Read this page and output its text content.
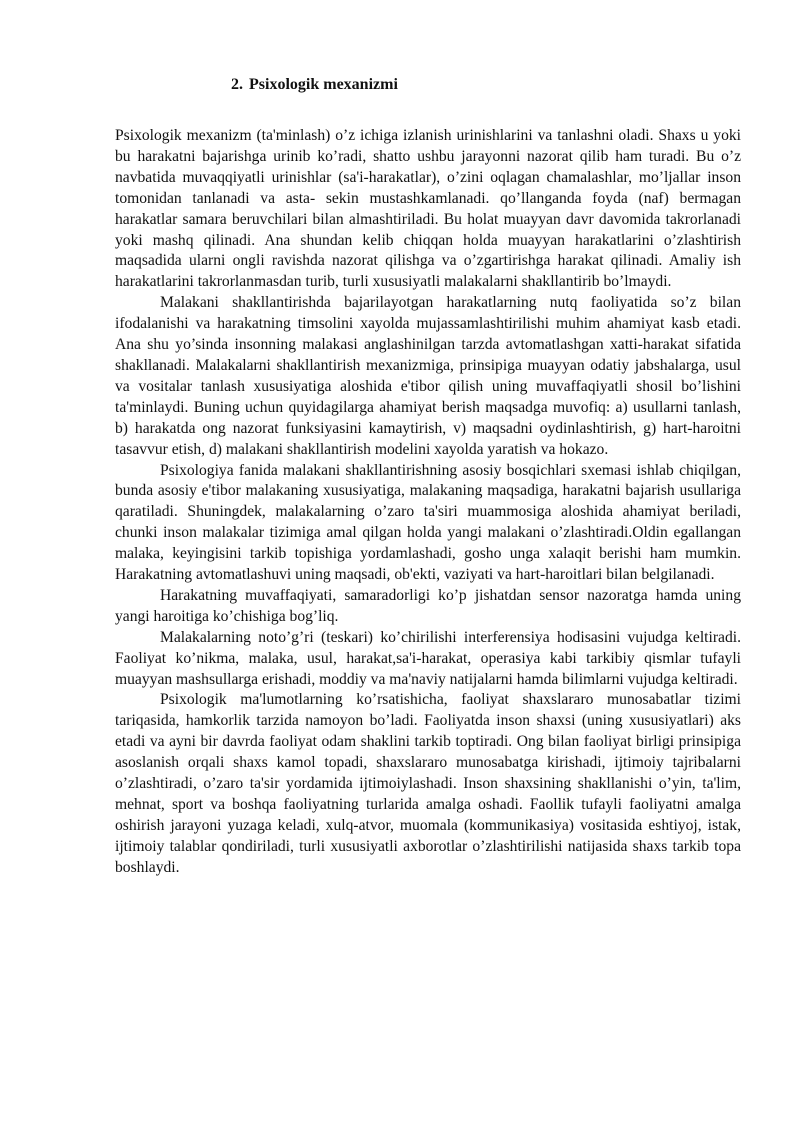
2. Psixologik mexanizmi

Psixologik mexanizm (ta'minlash) o’z ichiga izlanish urinishlarini va tanlashni oladi. Shaxs u yoki bu harakatni bajarishga urinib ko’radi, shatto ushbu jarayonni nazorat qilib ham turadi. Bu o’z navbatida muvaqqiyatli urinishlar (sa'i-harakatlar), o’zini oqlagan chamalashlar, mo’ljallar inson tomonidan tanlanadi va asta- sekin mustashkamlanadi. qo’llanganda foyda (naf) bermagan harakatlar samara beruvchilari bilan almashtiriladi. Bu holat muayyan davr davomida takrorlanadi yoki mashq qilinadi. Ana shundan kelib chiqqan holda muayyan harakatlarini o’zlashtirish maqsadida ularni ongli ravishda nazorat qilishga va o’zgartirishga harakat qilinadi. Amaliy ish harakatlarini takrorlanmasdan turib, turli xususiyatli malakalarni shakllantirib bo’lmaydi.

Malakani shakllantirishda bajarilayotgan harakatlarning nutq faoliyatida so’z bilan ifodalanishi va harakatning timsolini xayolda mujassamlashtirilishi muhim ahamiyat kasb etadi. Ana shu yo’sinda insonning malakasi anglashinilgan tarzda avtomatlashgan xatti-harakat sifatida shakllanadi. Malakalarni shakllantirish mexanizmiga, prinsipiga muayyan odatiy jabshalarga, usul va vositalar tanlash xususiyatiga aloshida e'tibor qilish uning muvaffaqiyatli shosil bo’lishini ta'minlaydi. Buning uchun quyidagilarga ahamiyat berish maqsadga muvofiq: a) usullarni tanlash, b) harakatda ong nazorat funksiyasini kamaytirish, v) maqsadni oydinlashtirish, g) hart-haroitni tasavvur etish, d) malakani shakllantirish modelini xayolda yaratish va hokazo.

Psixologiya fanida malakani shakllantirishning asosiy bosqichlari sxemasi ishlab chiqilgan, bunda asosiy e'tibor malakaning xususiyatiga, malakaning maqsadiga, harakatni bajarish usullariga qaratiladi. Shuningdek, malakalarning o’zaro ta'siri muammosiga aloshida ahamiyat beriladi, chunki inson malakalar tizimiga amal qilgan holda yangi malakani o’zlashtiradi.Oldin egallangan malaka, keyingisini tarkib topishiga yordamlashadi, gosho unga xalaqit berishi ham mumkin. Harakatning avtomatlashuvi uning maqsadi, ob'ekti, vaziyati va hart-haroitlari bilan belgilanadi.

Harakatning muvaffaqiyati, samaradorligi ko’p jishatdan sensor nazoratga hamda uning yangi haroitiga ko’chishiga bog’liq.

Malakalarning noto’g’ri (teskari) ko’chirilishi interferensiya hodisasini vujudga keltiradi. Faoliyat ko’nikma, malaka, usul, harakat,sa'i-harakat, operasiya kabi tarkibiy qismlar tufayli muayyan mashsullarga erishadi, moddiy va ma'naviy natijalarni hamda bilimlarni vujudga keltiradi.

Psixologik ma'lumotlarning ko’rsatishicha, faoliyat shaxslararo munosabatlar tizimi tariqasida, hamkorlik tarzida namoyon bo’ladi. Faoliyatda inson shaxsi (uning xususiyatlari) aks etadi va ayni bir davrda faoliyat odam shaklini tarkib toptiradi. Ong bilan faoliyat birligi prinsipiga asoslanish orqali shaxs kamol topadi, shaxslararo munosabatga kirishadi, ijtimoiy tajribalarni o’zlashtiradi, o’zaro ta'sir yordamida ijtimoiylashadi. Inson shaxsining shakllanishi o’yin, ta'lim, mehnat, sport va boshqa faoliyatning turlarida amalga oshadi. Faollik tufayli faoliyatni amalga oshirish jarayoni yuzaga keladi, xulq-atvor, muomala (kommunikasiya) vositasida eshtiyoj, istak, ijtimoiy talablar qondiriladi, turli xususiyatli axborotlar o’zlashtirilishi natijasida shaxs tarkib topa boshlaydi.
